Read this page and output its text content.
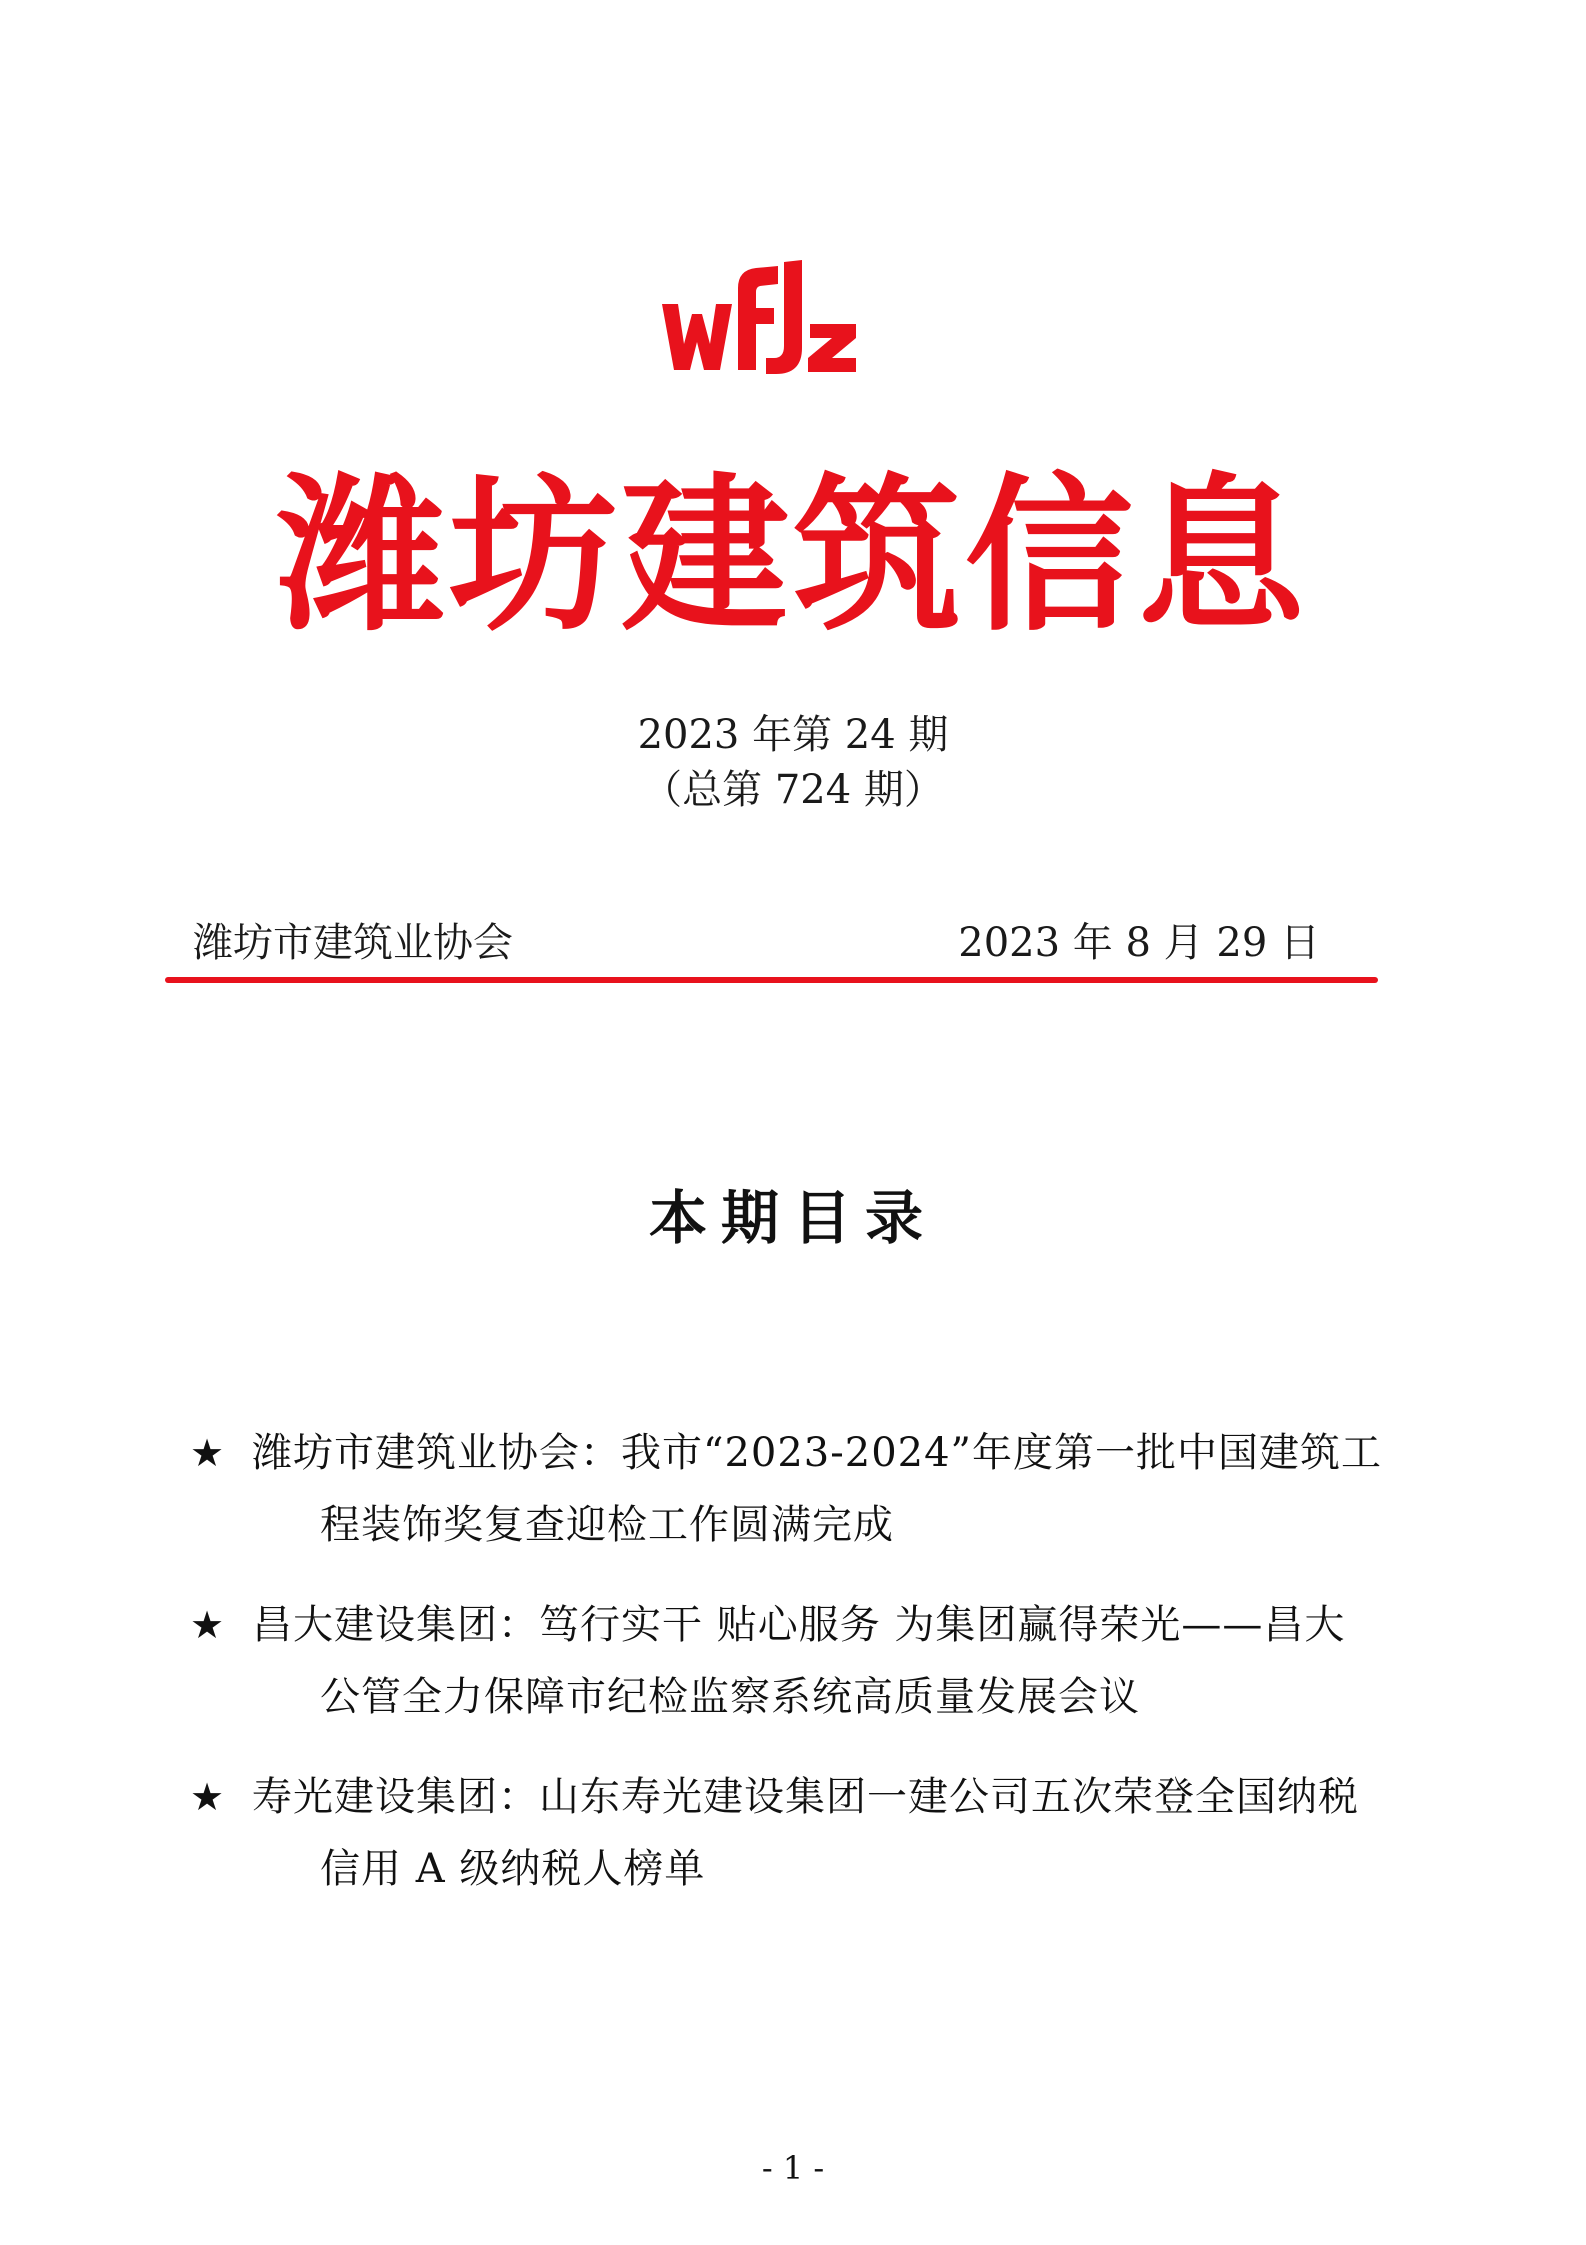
潍坊建筑信息
2023 年第 24 期
（总第 724 期）
潍坊市建筑业协会	2023 年 8 月 29 日
本期目录
★ 潍坊市建筑业协会：我市“2023-2024”年度第一批中国建筑工
程装饰奖复查迎检工作圆满完成
★ 昌大建设集团：笃行实干 贴心服务 为集团赢得荣光——昌大
公管全力保障市纪检监察系统高质量发展会议
★ 寿光建设集团：山东寿光建设集团一建公司五次荣登全国纳税
信用 A 级纳税人榜单
- 1 -
